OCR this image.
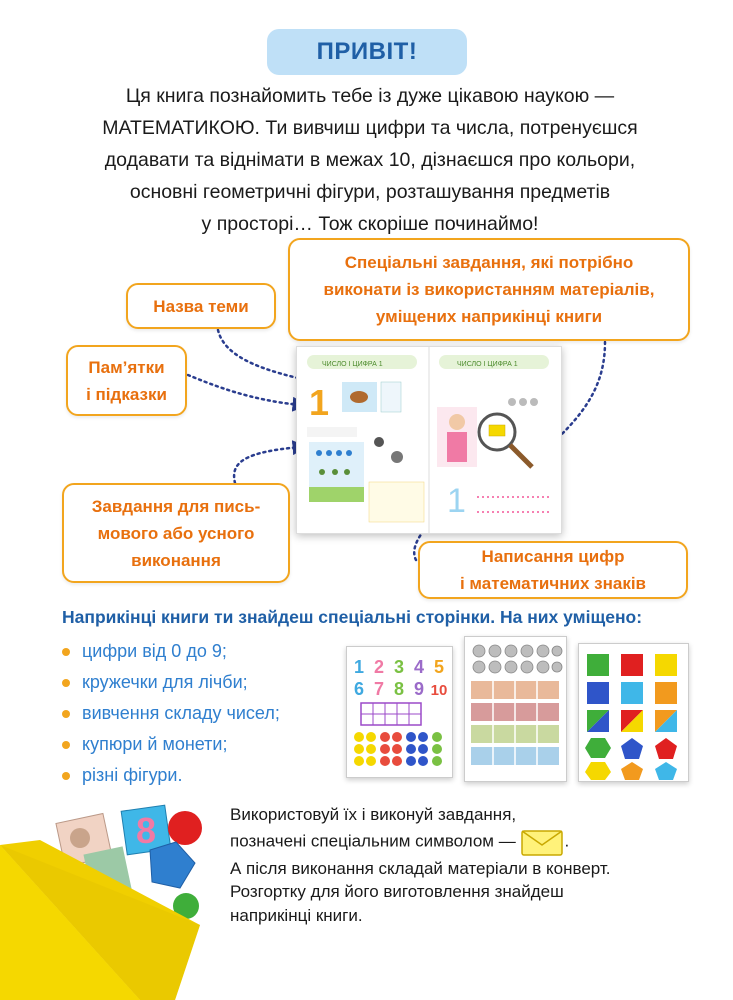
ПРИВІТ!

Ця книга познайомить тебе із дуже цікавою наукою —

МАТЕМАТИКОЮ. Ти вивчиш цифри та числа, потренуєшся

додавати та віднімати в межах 10, дізнаєшся про кольори,

основні геометричні фігури, розташування предметів

у просторі… Тож скоріше починаймо!

ЧИСЛО І ЦИФРА 1	ЧИСЛО І ЦИФРА 1
1
1
Спеціальні завдання, які потрібно
виконати із використанням матеріалів,
уміщених наприкінці книги
Назва теми
Пам’ятки
і підказки
Завдання для пись-
мового або усного
виконання	Написання цифр
і математичних знаків
Наприкінці книги ти знайдеш спеціальні сторінки. На них уміщено:
цифри від 0 до 9;
кружечки для лічби;
вивчення складу чисел;
купюри й монети;
різні фігури.
1 2 3 4 5
6 7 8 9 10
8	Використовуй їх і виконуй завдання,
позначені спеціальним символом —	.
А після виконання складай матеріали в конверт.
Розгортку для його виготовлення знайдеш
наприкінці книги.
